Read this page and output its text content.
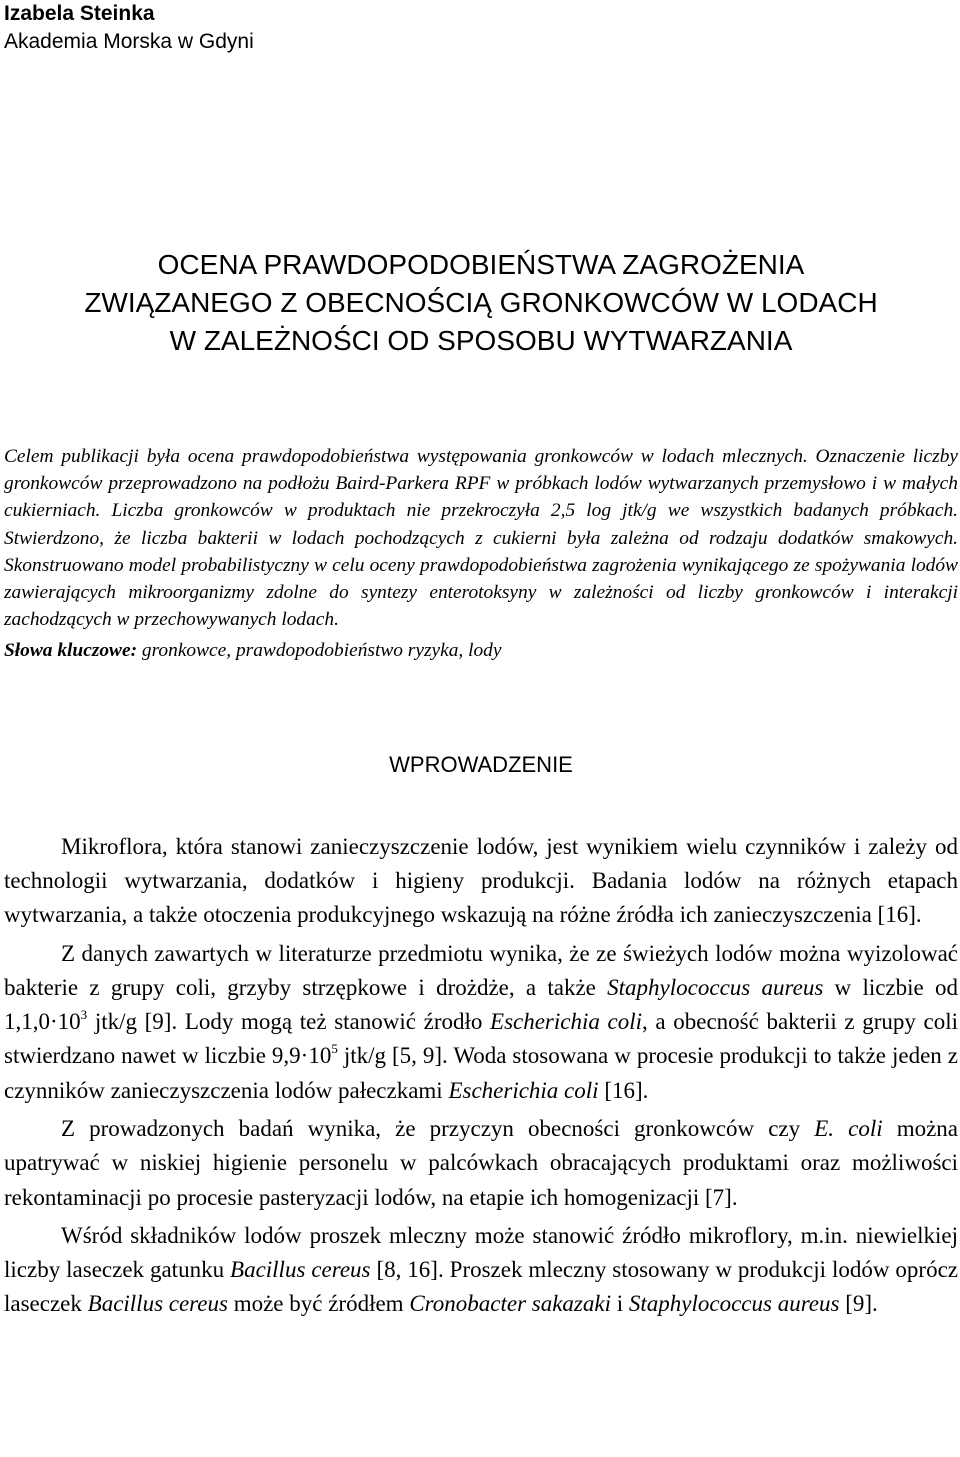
Izabela Steinka
Akademia Morska w Gdyni
OCENA PRAWDOPODOBIEŃSTWA ZAGROŻENIA
ZWIĄZANEGO Z OBECNOŚCIĄ GRONKOWCÓW W LODACH
W ZALEŻNOŚCI OD SPOSOBU WYTWARZANIA
Celem publikacji była ocena prawdopodobieństwa występowania gronkowców w lodach mlecznych. Oznaczenie liczby gronkowców przeprowadzono na podłożu Baird-Parkera RPF w próbkach lodów wytwarzanych przemysłowo i w małych cukierniach. Liczba gronkowców w produktach nie przekroczyła 2,5 log jtk/g we wszystkich badanych próbkach. Stwierdzono, że liczba bakterii w lodach pochodzących z cukierni była zależna od rodzaju dodatków smakowych. Skonstruowano model probabilistyczny w celu oceny prawdopodobieństwa zagrożenia wynikającego ze spożywania lodów zawierających mikroorganizmy zdolne do syntezy enterotoksyny w zależności od liczby gronkowców i interakcji zachodzących w przechowywanych lodach.
Słowa kluczowe: gronkowce, prawdopodobieństwo ryzyka, lody
WPROWADZENIE

Mikroflora, która stanowi zanieczyszczenie lodów, jest wynikiem wielu czynników i zależy od technologii wytwarzania, dodatków i higieny produkcji. Badania lodów na różnych etapach wytwarzania, a także otoczenia produkcyjnego wskazują na różne źródła ich zanieczyszczenia [16].

Z danych zawartych w literaturze przedmiotu wynika, że ze świeżych lodów można wyizolować bakterie z grupy coli, grzyby strzępkowe i drożdże, a także Staphylococcus aureus w liczbie od $1,1,0\cdot 10^3$ jtk/g [9]. Lody mogą też stanowić źrodło Escherichia coli, a obecność bakterii z grupy coli stwierdzano nawet w liczbie $9,9\cdot 10^5$ jtk/g [5, 9]. Woda stosowana w procesie produkcji to także jeden z czynników zanieczyszczenia lodów pałeczkami Escherichia coli [16].

Z prowadzonych badań wynika, że przyczyn obecności gronkowców czy E. coli można upatrywać w niskiej higienie personelu w palcówkach obracających produktami oraz możliwości rekontaminacji po procesie pasteryzacji lodów, na etapie ich homogenizacji [7].

Wśród składników lodów proszek mleczny może stanowić źródło mikroflory, m.in. niewielkiej liczby laseczek gatunku Bacillus cereus [8, 16]. Proszek mleczny stosowany w produkcji lodów oprócz laseczek Bacillus cereus może być źródłem Cronobacter sakazaki i Staphylococcus aureus [9].
